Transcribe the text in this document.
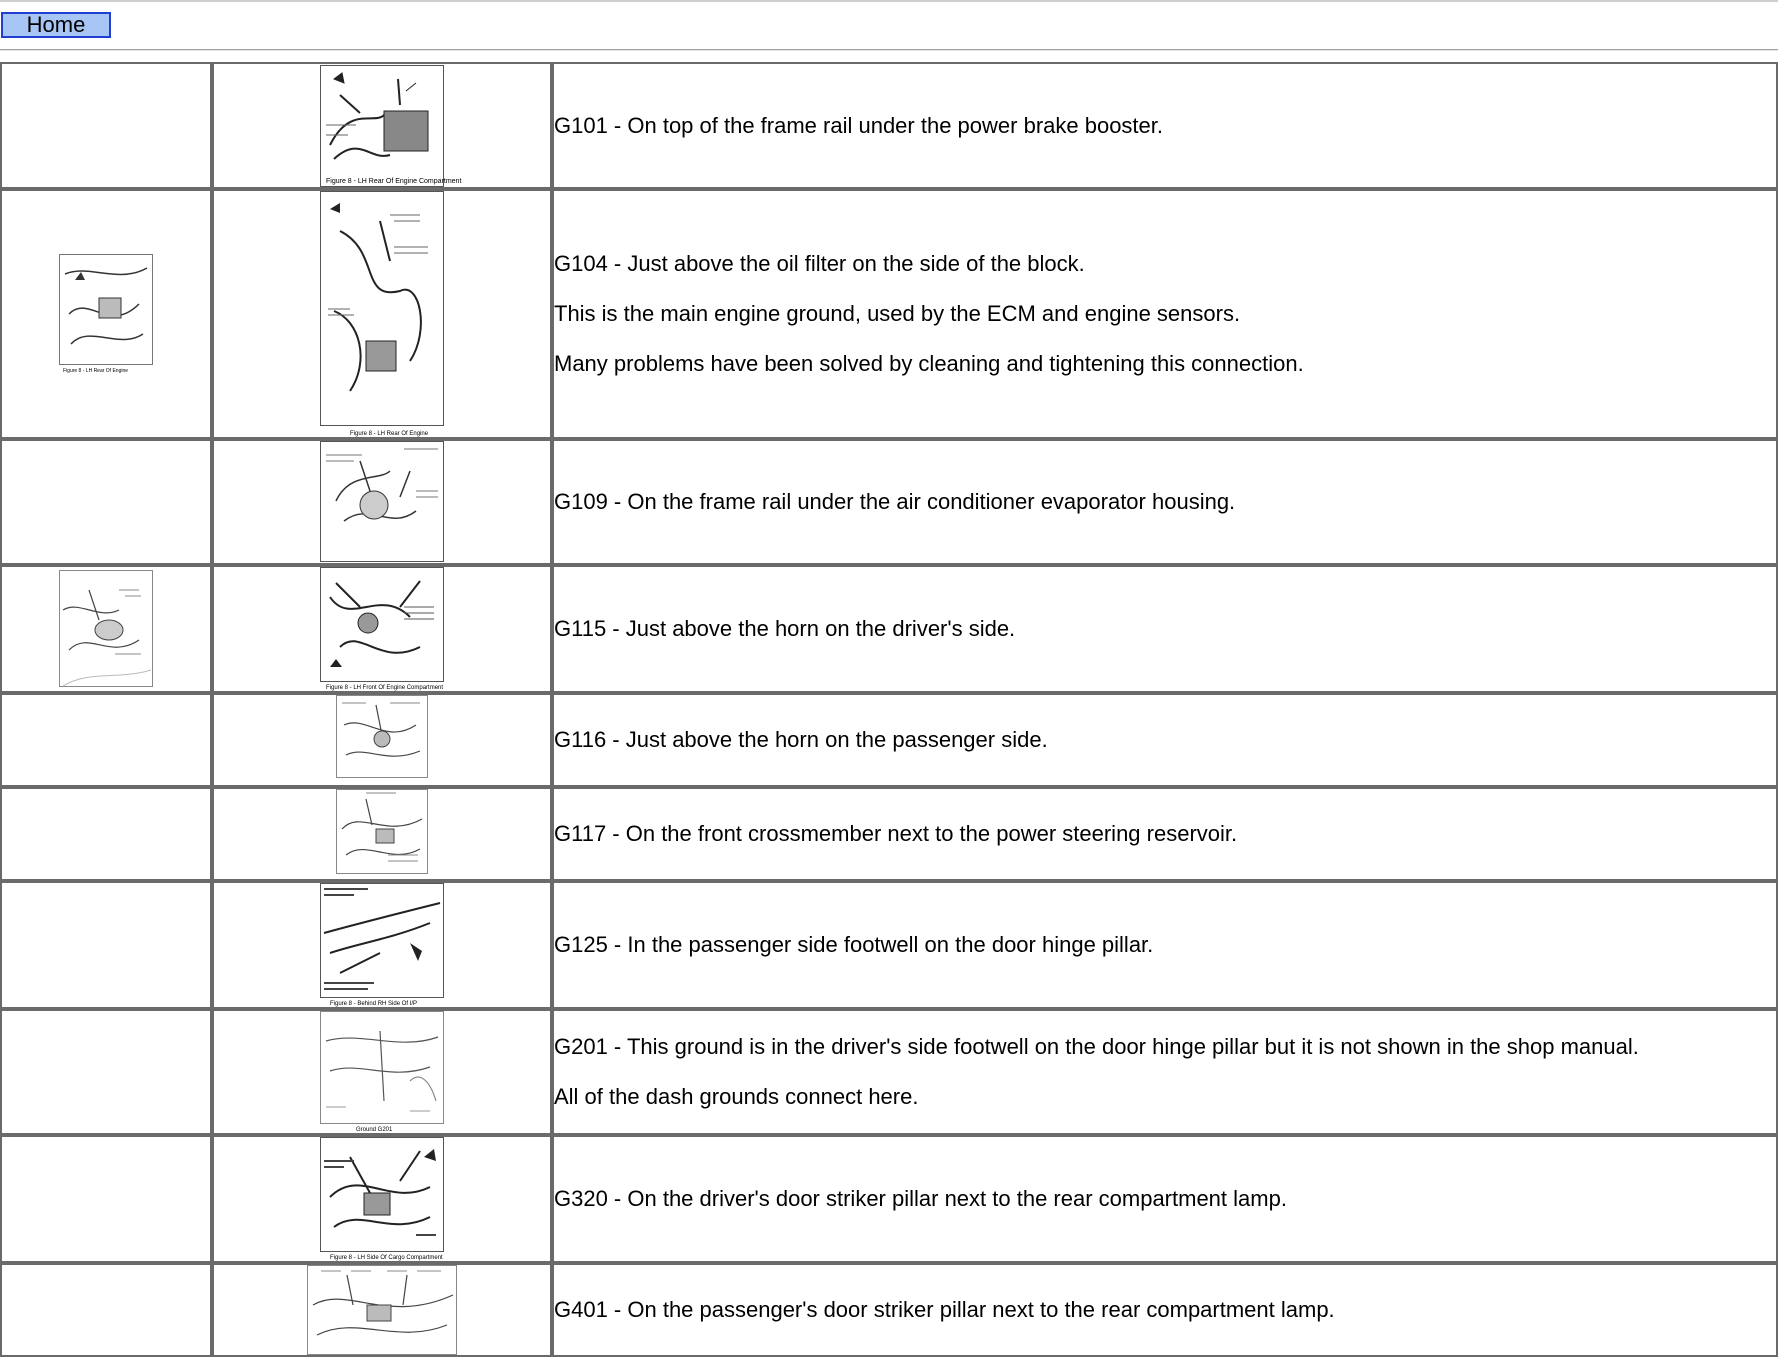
Home

Figure 8 - LH Rear Of Engine Compartment	G101 - On top of the frame rail under the power brake booster.

Figure 8 - LH Rear Of Engine	Figure 8 - LH Rear Of Engine	G104 - Just above the oil filter on the side of the block.

This is the main engine ground, used by the ECM and engine sensors.

Many problems have been solved by cleaning and tightening this connection.

G109 - On the frame rail under the air conditioner evaporator housing.

Figure 8 - LH Front Of Engine Compartment	G115 - Just above the horn on the driver's side.

G116 - Just above the horn on the passenger side.

G117 - On the front crossmember next to the power steering reservoir.

Figure 8 - Behind RH Side Of I/P	G125 - In the passenger side footwell on the door hinge pillar.

Ground G201	G201 - This ground is in the driver's side footwell on the door hinge pillar but it is not shown in the shop manual.

All of the dash grounds connect here.

Figure 8 - LH Side Of Cargo Compartment	G320 - On the driver's door striker pillar next to the rear compartment lamp.

G401 - On the passenger's door striker pillar next to the rear compartment lamp.
